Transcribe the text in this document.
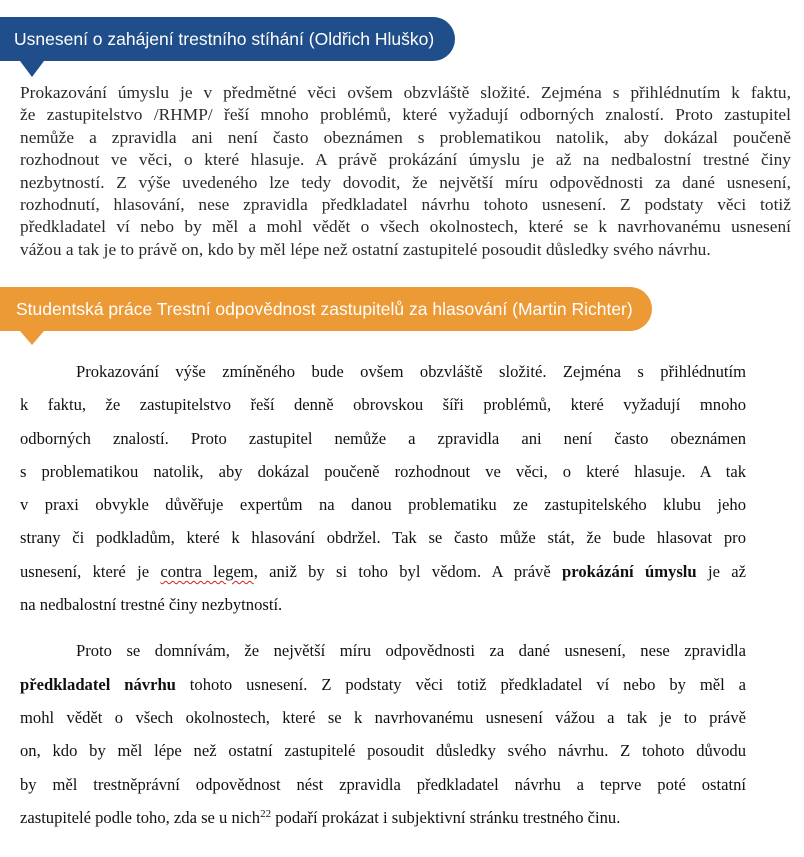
Usnesení o zahájení trestního stíhání (Oldřich Hluško)
Prokazování úmyslu je v předmětné věci ovšem obzvláště složité. Zejména s přihlédnutím k faktu,
že zastupitelstvo /RHMP/ řeší mnoho problémů, které vyžadují odborných znalostí. Proto zastupitel
nemůže a zpravidla ani není často obeznámen s problematikou natolik, aby dokázal poučeně
rozhodnout ve věci, o které hlasuje. A právě prokázání úmyslu je až na nedbalostní trestné činy
nezbytností. Z výše uvedeného lze tedy dovodit, že největší míru odpovědnosti za dané usnesení,
rozhodnutí, hlasování, nese zpravidla předkladatel návrhu tohoto usnesení. Z podstaty věci totiž
předkladatel ví nebo by měl a mohl vědět o všech okolnostech, které se k navrhovanému usnesení
vážou a tak je to právě on, kdo by měl lépe než ostatní zastupitelé posoudit důsledky svého návrhu.
Studentská práce Trestní odpovědnost zastupitelů za hlasování (Martin Richter)
Prokazování výše zmíněného bude ovšem obzvláště složité. Zejména s přihlédnutím
k faktu, že zastupitelstvo řeší denně obrovskou šíři problémů, které vyžadují mnoho
odborných znalostí. Proto zastupitel nemůže a zpravidla ani není často obeznámen
s problematikou natolik, aby dokázal poučeně rozhodnout ve věci, o které hlasuje. A tak
v praxi obvykle důvěřuje expertům na danou problematiku ze zastupitelského klubu jeho
strany či podkladům, které k hlasování obdržel. Tak se často může stát, že bude hlasovat pro
usnesení, které je contra legem, aniž by si toho byl vědom. A právě prokázání úmyslu je až
na nedbalostní trestné činy nezbytností.
Proto se domnívám, že největší míru odpovědnosti za dané usnesení, nese zpravidla
předkladatel návrhu tohoto usnesení. Z podstaty věci totiž předkladatel ví nebo by měl a
mohl vědět o všech okolnostech, které se k navrhovanému usnesení vážou a tak je to právě
on, kdo by měl lépe než ostatní zastupitelé posoudit důsledky svého návrhu. Z tohoto důvodu
by měl trestněprávní odpovědnost nést zpravidla předkladatel návrhu a teprve poté ostatní
zastupitelé podle toho, zda se u nich$^{22}$ podaří prokázat i subjektivní stránku trestného činu.
